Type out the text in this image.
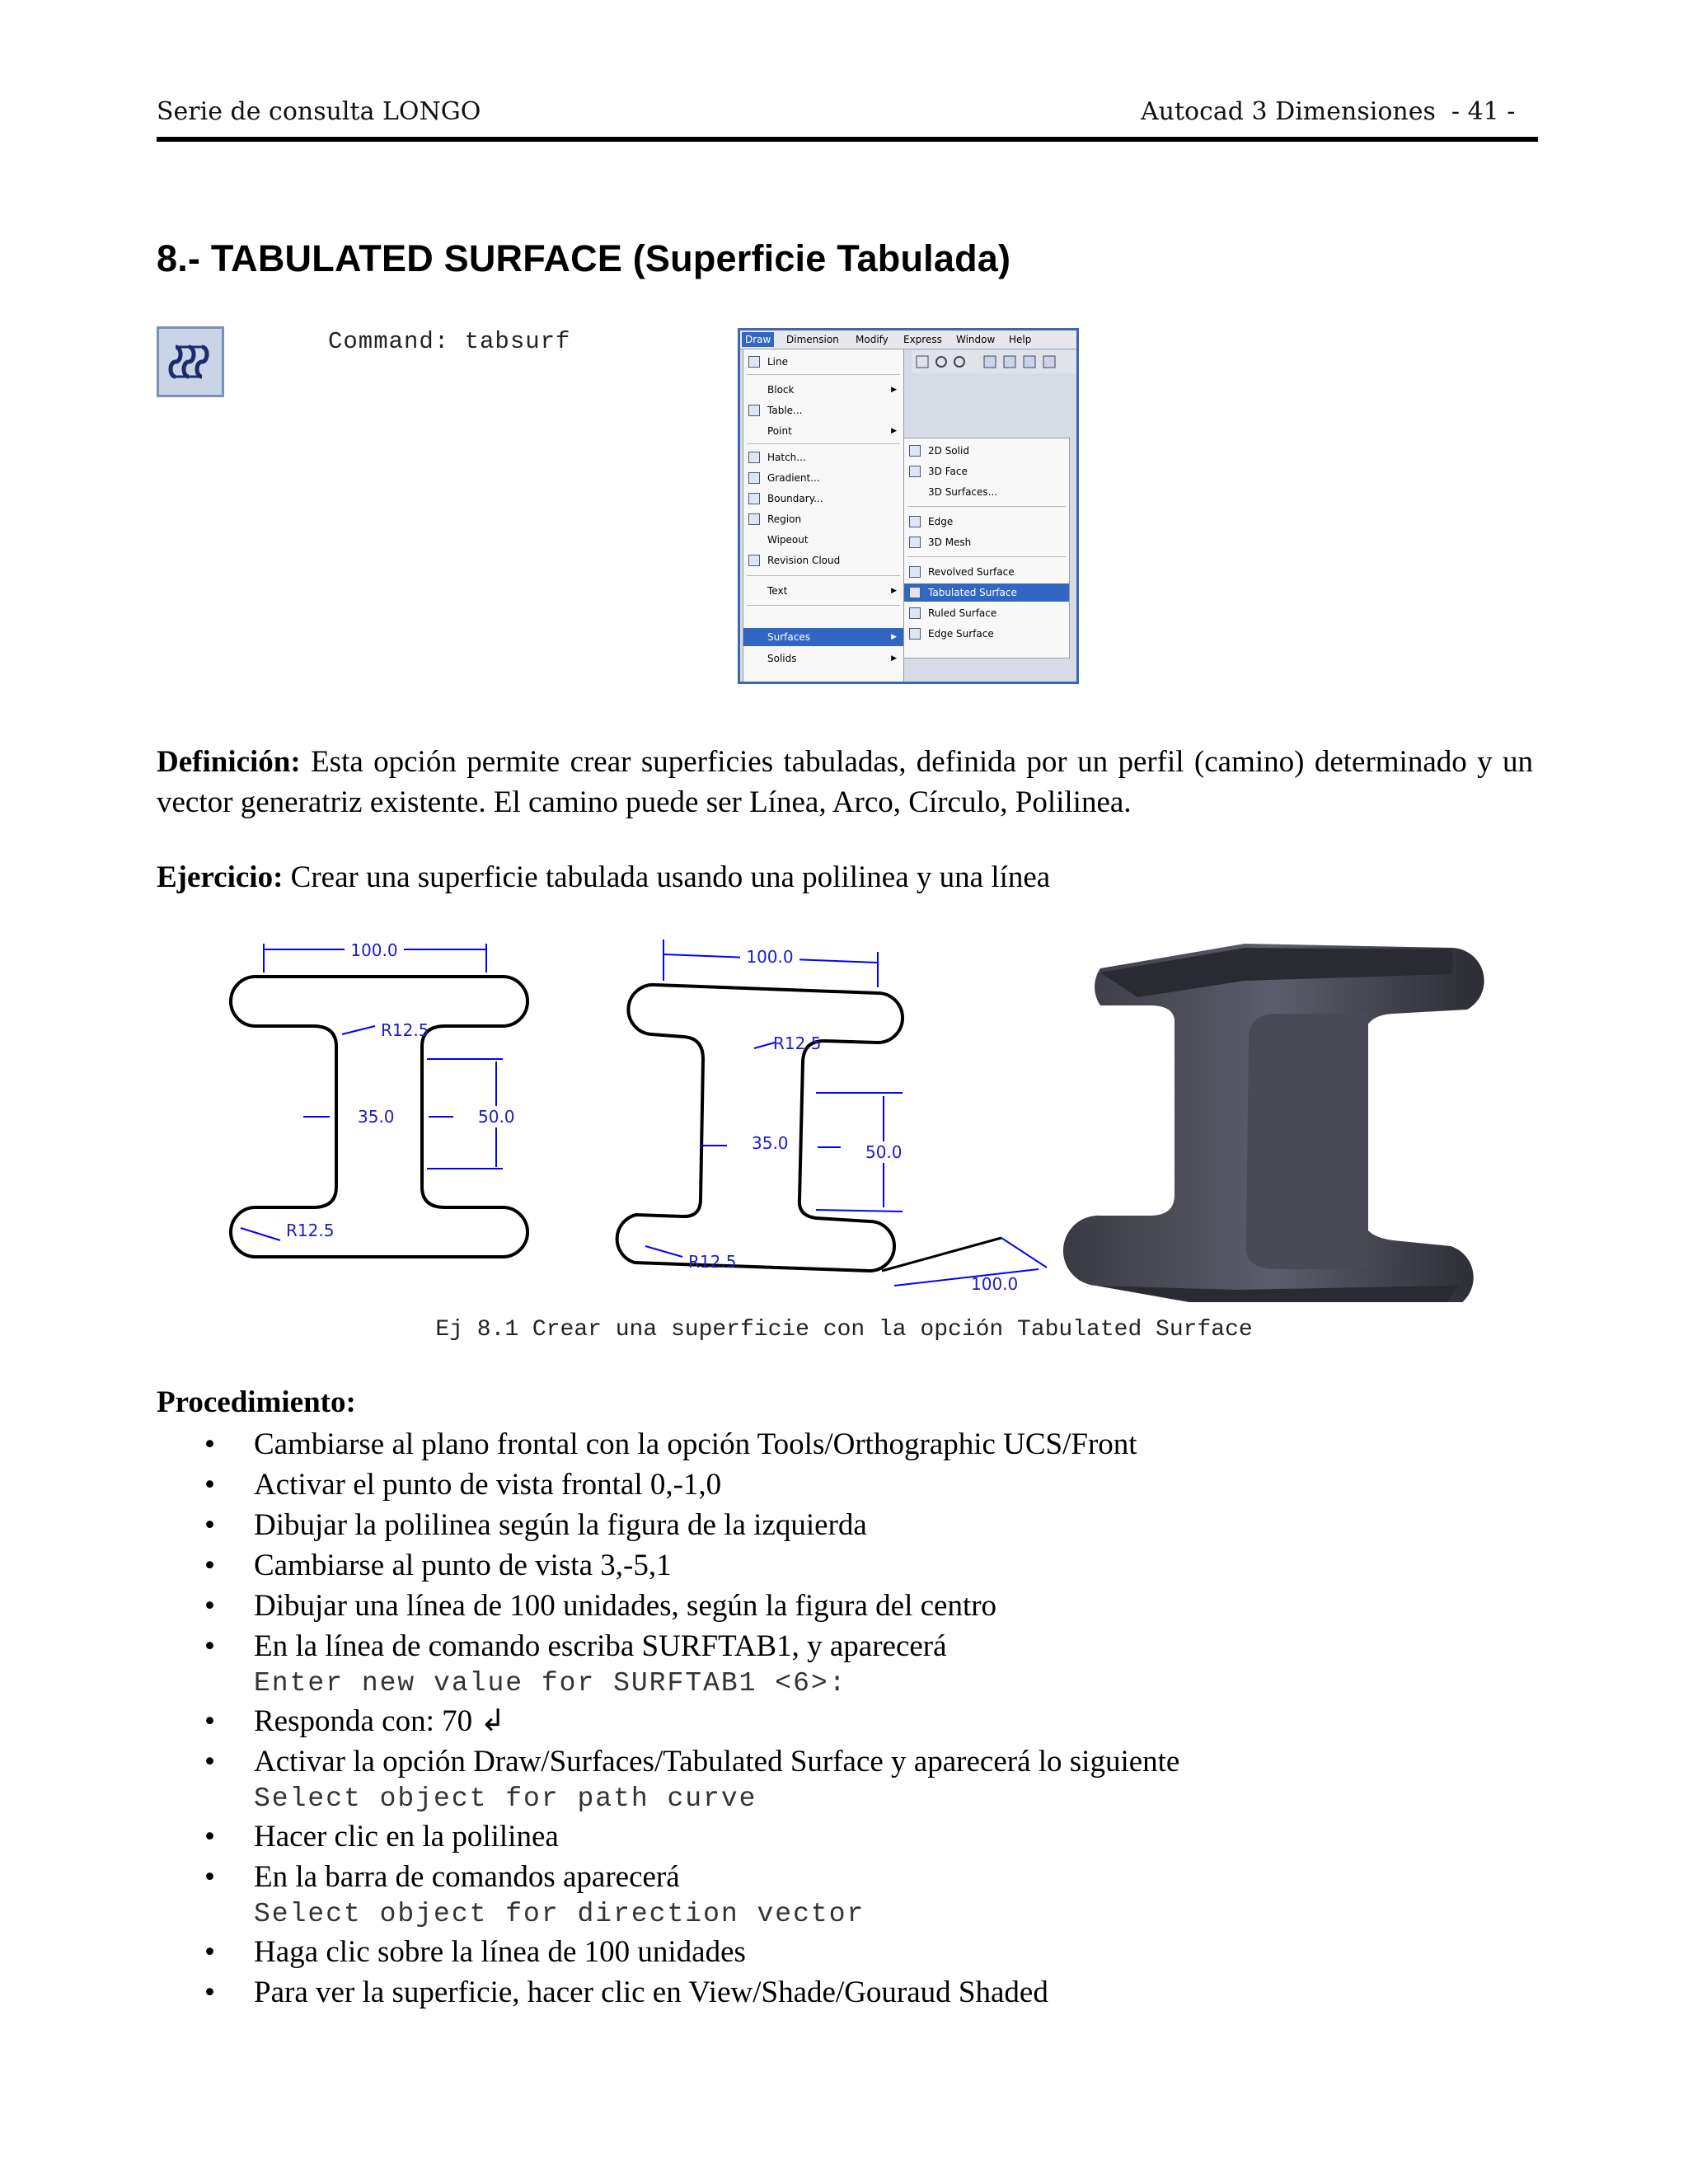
Serie de consulta LONGO	Autocad 3 Dimensiones  - 41 -
8.- TABULATED SURFACE (Superficie Tabulada)
Command: tabsurf	Draw	Dimension Modify Express Window Help
Line
Block	▶
Table...
Point	▶
Hatch...
Gradient...
Boundary...
Region
Wipeout
Revision Cloud
Text	▶
Surfaces	▶
Solids	▶
2D Solid
3D Face
3D Surfaces...
Edge
3D Mesh
Revolved Surface
Tabulated Surface
Ruled Surface
Edge Surface
Definición: Esta opción permite crear superficies tabuladas, definida por un perfil (camino) determinado y un vector generatriz existente. El camino puede ser Línea, Arco, Círculo, Polilinea.
Ejercicio: Crear una superficie tabulada usando una polilinea y una línea
100.0
R12.5
35.0	50.0
R12.5
100.0
R12.5
35.0	50.0
R12.5
100.0
Ej 8.1 Crear una superficie con la opción Tabulated Surface
Procedimiento:
• Cambiarse al plano frontal con la opción Tools/Orthographic UCS/Front
• Activar el punto de vista frontal 0,-1,0
• Dibujar la polilinea según la figura de la izquierda
• Cambiarse al punto de vista 3,-5,1
• Dibujar una línea de 100 unidades, según la figura del centro
• En la línea de comando escriba SURFTAB1, y aparecerá
Enter new value for SURFTAB1 <6>:
• Responda con: 70 ↲
• Activar la opción Draw/Surfaces/Tabulated Surface y aparecerá lo siguiente
Select object for path curve
• Hacer clic en la polilinea
• En la barra de comandos aparecerá
Select object for direction vector
• Haga clic sobre la línea de 100 unidades
• Para ver la superficie, hacer clic en View/Shade/Gouraud Shaded
